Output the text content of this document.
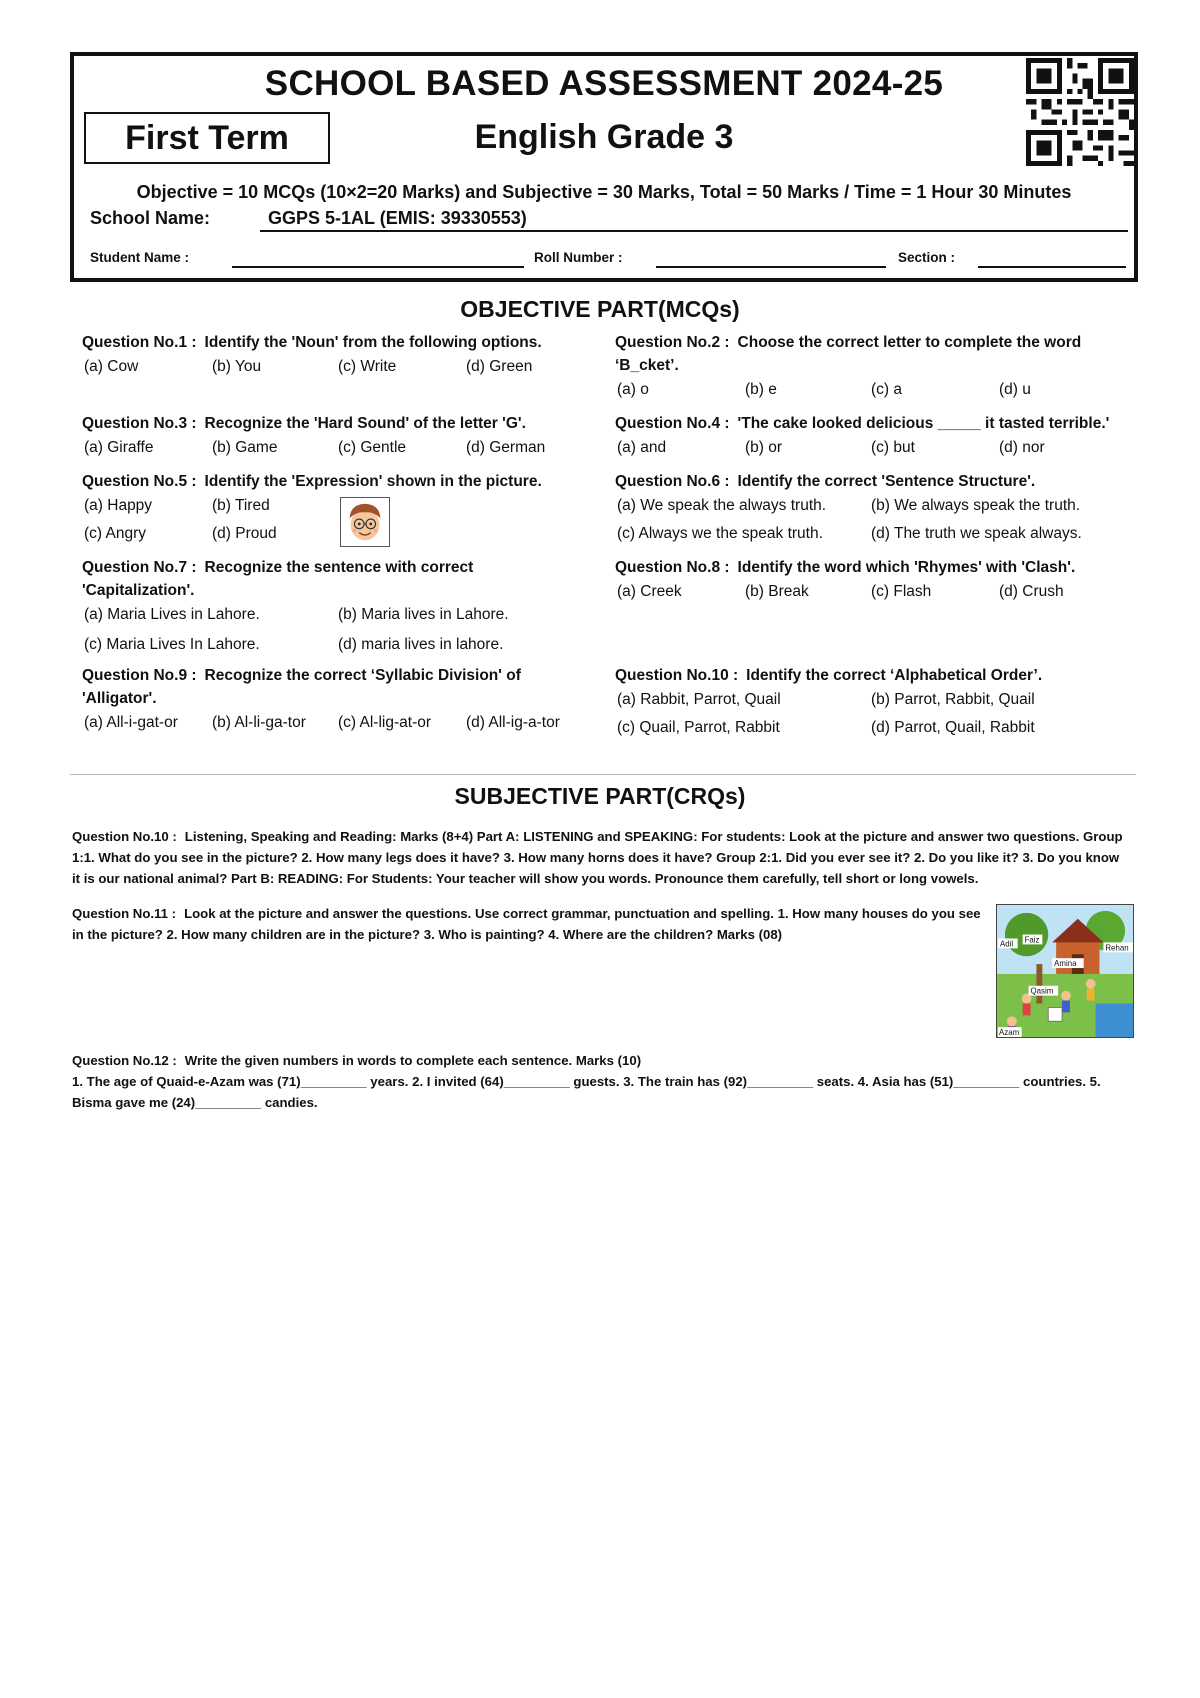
SCHOOL BASED ASSESSMENT 2024-25
First Term	English Grade 3
Objective = 10 MCQs (10×2=20 Marks) and Subjective = 30 Marks, Total = 50 Marks / Time = 1 Hour 30 Minutes
School Name:	GGPS 5-1AL (EMIS: 39330553)
Student Name :	Roll Number :	Section :
OBJECTIVE PART(MCQs)
Question No.1 : Identify the 'Noun' from the following options.
(a) Cow	(b) You	(c) Write	(d) Green
Question No.2 : Choose the correct letter to complete the word ‘B_cket’.
(a) o	(b) e	(c) a	(d) u
Question No.3 : Recognize the 'Hard Sound' of the letter 'G'.
(a) Giraffe	(b) Game	(c) Gentle	(d) German
Question No.4 : 'The cake looked delicious _____ it tasted terrible.'
(a) and	(b) or	(c) but	(d) nor
Question No.5 : Identify the 'Expression' shown in the picture.
(a) Happy	(b) Tired
(c) Angry	(d) Proud
Question No.6 : Identify the correct 'Sentence Structure'.
(a) We speak the always truth.	(b) We always speak the truth.
(c) Always we the speak truth.	(d) The truth we speak always.
Question No.7 : Recognize the sentence with correct 'Capitalization'.
(a) Maria Lives in Lahore.	(b) Maria lives in Lahore.
(c) Maria Lives In Lahore.	(d) maria lives in lahore.
Question No.8 : Identify the word which 'Rhymes' with 'Clash'.
(a) Creek	(b) Break	(c) Flash	(d) Crush
Question No.9 : Recognize the correct ‘Syllabic Division' of 'Alligator'.
(a) All-i-gat-or (b) Al-li-ga-tor (c) Al-lig-at-or (d) All-ig-a-tor
Question No.10 : Identify the correct ‘Alphabetical Order’.
(a) Rabbit, Parrot, Quail	(b) Parrot, Rabbit, Quail
(c) Quail, Parrot, Rabbit	(d) Parrot, Quail, Rabbit
SUBJECTIVE PART(CRQs)
Question No.10 : Listening, Speaking and Reading: Marks (8+4) Part A: LISTENING and SPEAKING: For students: Look at the picture and answer two questions. Group 1:1. What do you see in the picture? 2. How many legs does it have? 3. How many horns does it have? Group 2:1. Did you ever see it? 2. Do you like it? 3. Do you know it is our national animal? Part B: READING: For Students: Your teacher will show you words. Pronounce them carefully, tell short or long vowels.
Question No.11 : Look at the picture and answer the questions. Use correct grammar, punctuation and spelling. 1. How many houses do you see in the picture? 2. How many children are in the picture? 3. Who is painting? 4. Where are the children? Marks (08)
Adil Faiz
Rehan
Amina
Qasim
Azam
Question No.12 : Write the given numbers in words to complete each sentence. Marks (10)
1. The age of Quaid-e-Azam was (71)_________ years. 2. I invited (64)_________ guests. 3. The train has (92)_________ seats. 4. Asia has (51)_________ countries. 5. Bisma gave me (24)_________ candies.
